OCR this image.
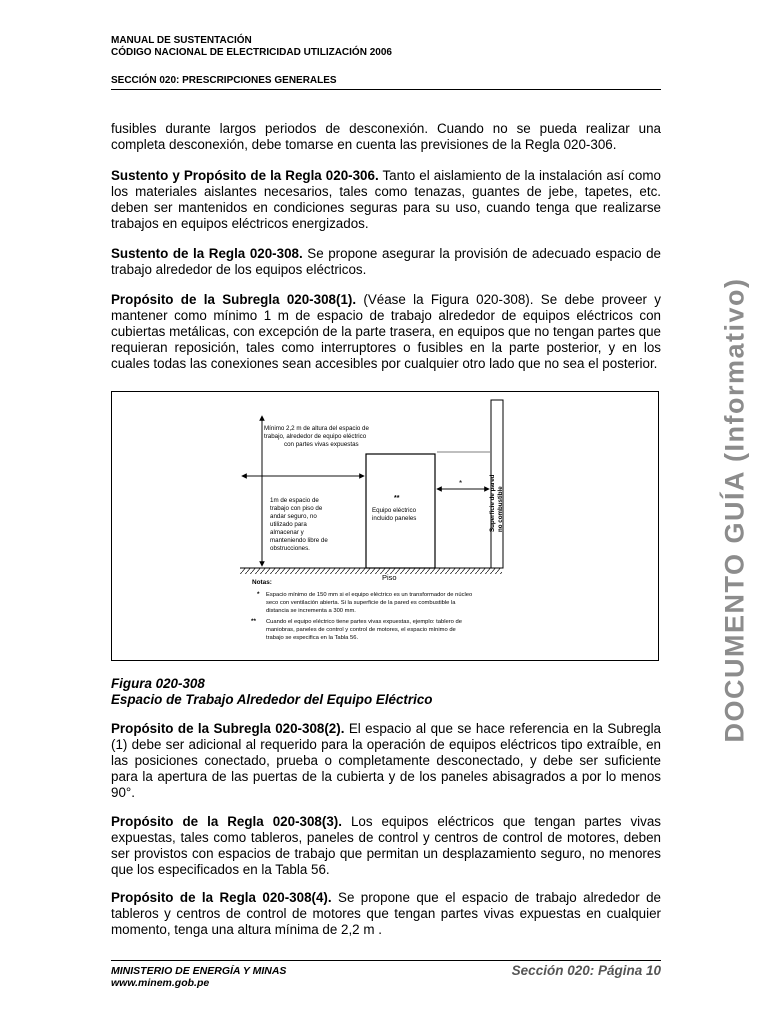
MANUAL DE SUSTENTACIÓN
CÓDIGO NACIONAL DE ELECTRICIDAD UTILIZACIÓN 2006
SECCIÓN 020: PRESCRIPCIONES GENERALES

fusibles durante largos periodos de desconexión. Cuando no se pueda realizar una completa desconexión, debe tomarse en cuenta las previsiones de la Regla 020-306.

Sustento y Propósito de la Regla 020-306. Tanto el aislamiento de la instalación así como los materiales aislantes necesarios, tales como tenazas, guantes de jebe, tapetes, etc. deben ser mantenidos en condiciones seguras para su uso, cuando tenga que realizarse trabajos en equipos eléctricos energizados.

Sustento de la Regla 020-308. Se propone asegurar la provisión de adecuado espacio de trabajo alrededor de los equipos eléctricos.

Propósito de la Subregla 020-308(1). (Véase la Figura 020-308). Se debe proveer y mantener como mínimo 1 m de espacio de trabajo alrededor de equipos eléctricos con cubiertas metálicas, con excepción de la parte trasera, en equipos que no tengan partes que requieran reposición, tales como interruptores o fusibles en la parte posterior, y en los cuales todas las conexiones sean accesibles por cualquier otro lado que no sea el posterior.

Mínimo 2,2 m de altura del espacio de trabajo, alrededor de equipo eléctrico con partes vivas expuestas
1m de espacio de trabajo con piso de andar seguro, no utilizado para almacenar y manteniendo libre de obstrucciones.
**
Equipo eléctrico incluido paneles
*	Superficie de pared no combustible
Piso
Notas:
* Espacio mínimo de 150 mm si el equipo eléctrico es un transformador de núcleo seco con ventilación abierta. Si la superficie de la pared es combustible la distancia se incrementa a 300 mm.
** Cuando el equipo eléctrico tiene partes vivas expuestas, ejemplo: tablero de maniobras, paneles de control y control de motores, el espacio mínimo de trabajo se especifica en la Tabla 56.
Figura 020-308
Espacio de Trabajo Alrededor del Equipo Eléctrico

Propósito de la Subregla 020-308(2). El espacio al que se hace referencia en la Subregla (1) debe ser adicional al requerido para la operación de equipos eléctricos tipo extraíble, en las posiciones conectado, prueba o completamente desconectado, y debe ser suficiente para la apertura de las puertas de la cubierta y de los paneles abisagrados a por lo menos 90°.

Propósito de la Regla 020-308(3). Los equipos eléctricos que tengan partes vivas expuestas, tales como tableros, paneles de control y centros de control de motores, deben ser provistos con espacios de trabajo que permitan un desplazamiento seguro, no menores que los especificados en la Tabla 56.

Propósito de la Regla 020-308(4). Se propone que el espacio de trabajo alrededor de tableros y centros de control de motores que tengan partes vivas expuestas en cualquier momento, tenga una altura mínima de 2,2 m .

DOCUMENTO GUÍA (Informativo)
MINISTERIO DE ENERGÍA Y MINAS
www.minem.gob.pe
Sección 020: Página 10
